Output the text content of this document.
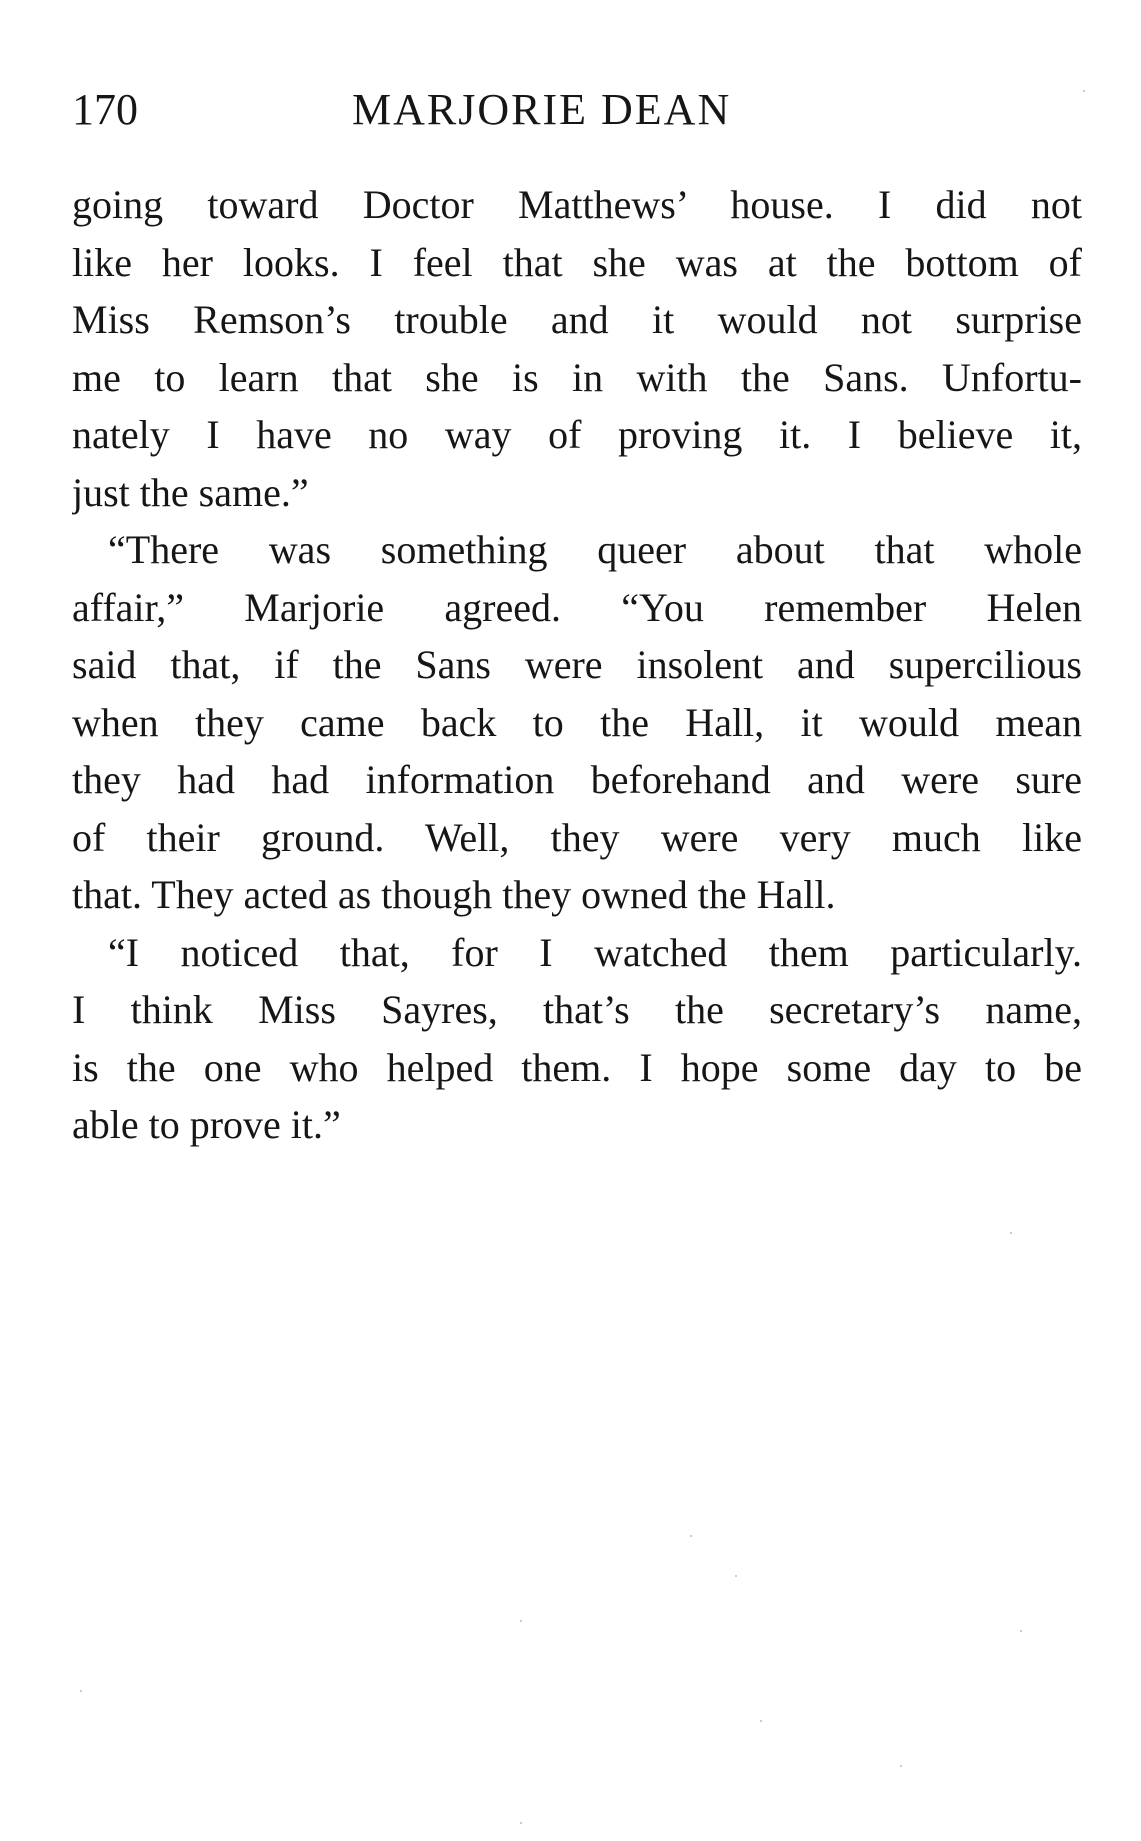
170	MARJORIE DEAN
going toward Doctor Matthews’ house. I did not
like her looks. I feel that she was at the bottom of
Miss Remson’s trouble and it would not surprise
me to learn that she is in with the Sans. Unfortu-
nately I have no way of proving it. I believe it,
just the same.”
“There was something queer about that whole
affair,” Marjorie agreed. “You remember Helen
said that, if the Sans were insolent and supercilious
when they came back to the Hall, it would mean
they had had information beforehand and were sure
of their ground. Well, they were very much like
that. They acted as though they owned the Hall.
“I noticed that, for I watched them particularly.
I think Miss Sayres, that’s the secretary’s name,
is the one who helped them. I hope some day to be
able to prove it.”
